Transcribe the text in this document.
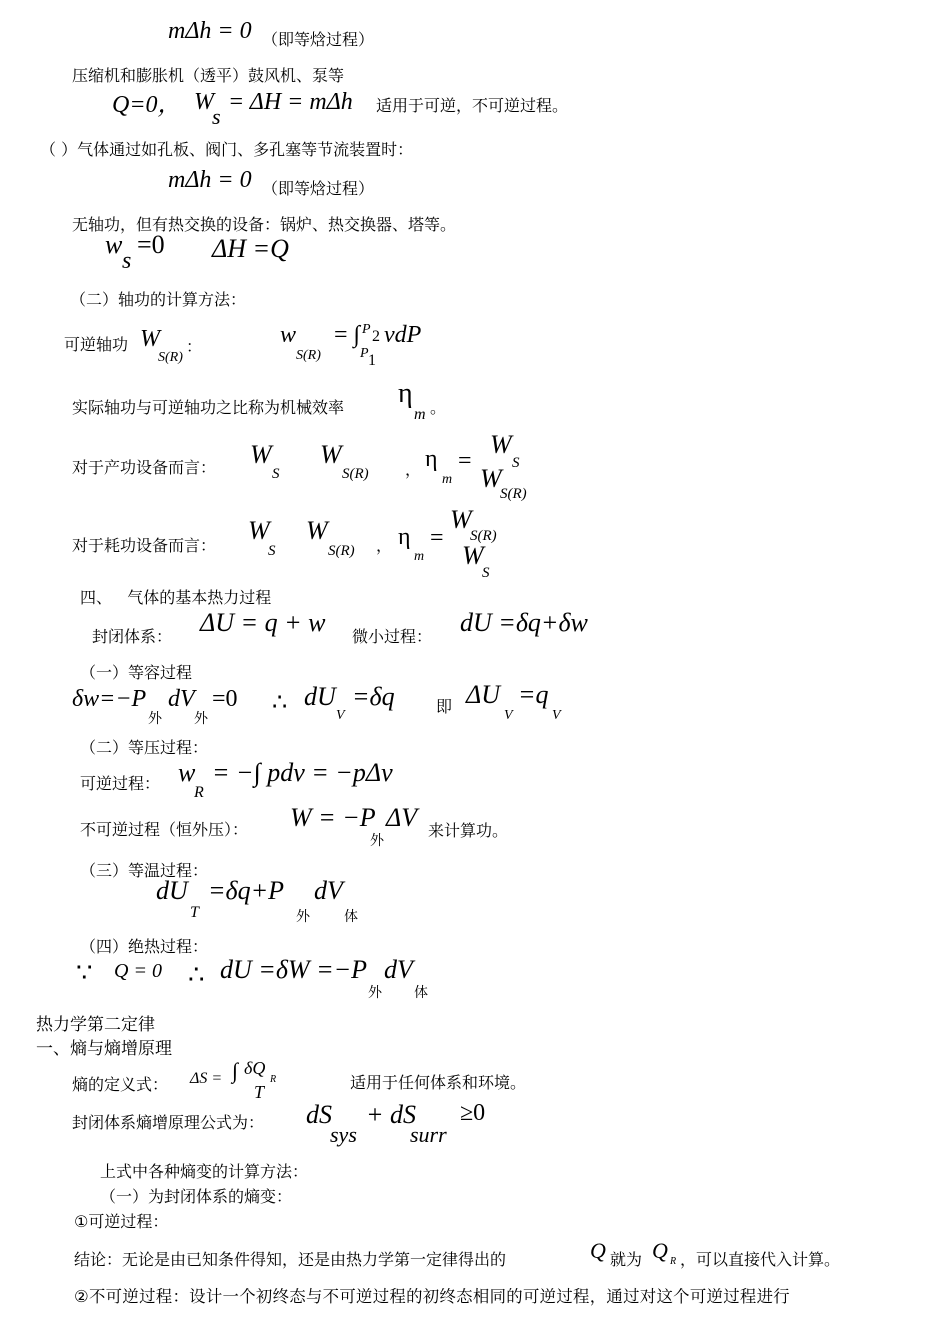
mΔh = 0 （即等焓过程）
压缩机和膨胀机（透平）鼓风机、泵等
Q=0， W
s
= ΔH = mΔh 适用于可逆，不可逆过程。
（ ）气体通过如孔板、阀门、多孔塞等节流装置时：
mΔh = 0 （即等焓过程）
无轴功，但有热交换的设备：锅炉、热交换器、塔等。
w
s
=0 ΔH =Q
（二）轴功的计算方法：
可逆轴功 W
S(R)
：	w
S(R)
= ∫ P 2
P 1
vdP
实际轴功与可逆轴功之比称为机械效率 η
m 。
对于产功设备而言： W
S
W
S(R) ， η
m
=
W
S
W
S(R)
对于耗功设备而言：
W
S
W
S(R) ， η
m
=
W
S(R)
W
S
四、   气体的基本热力过程
封闭体系： ΔU = q + w 微小过程： dU =δq+δw
（一）等容过程
δw=−P
外
dV
外
=0 ∴ dU
V
=δq	即 ΔU
V
=q
V
（二）等压过程：
可逆过程： w
R
= −∫ pdv = −pΔv
不可逆过程（恒外压）： W = −P
外
ΔV 来计算功。
（三）等温过程：
dU
T
=δq+P
外
dV
体
（四）绝热过程：
∵ Q = 0 ∴ dU =δW =−P
外
dV
体
热力学第二定律
一、熵与熵增原理
熵的定义式： ΔS = ∫ δQ
R
T	适用于任何体系和环境。
封闭体系熵增原理公式为： dS
sys
+ dS
surr
≥0
上式中各种熵变的计算方法：
（一）为封闭体系的熵变：
①可逆过程：
结论：无论是由已知条件得知，还是由热力学第一定律得出的	Q 就为 Q R ，可以直接代入计算。
②不可逆过程：设计一个初终态与不可逆过程的初终态相同的可逆过程，通过对这个可逆过程进行
